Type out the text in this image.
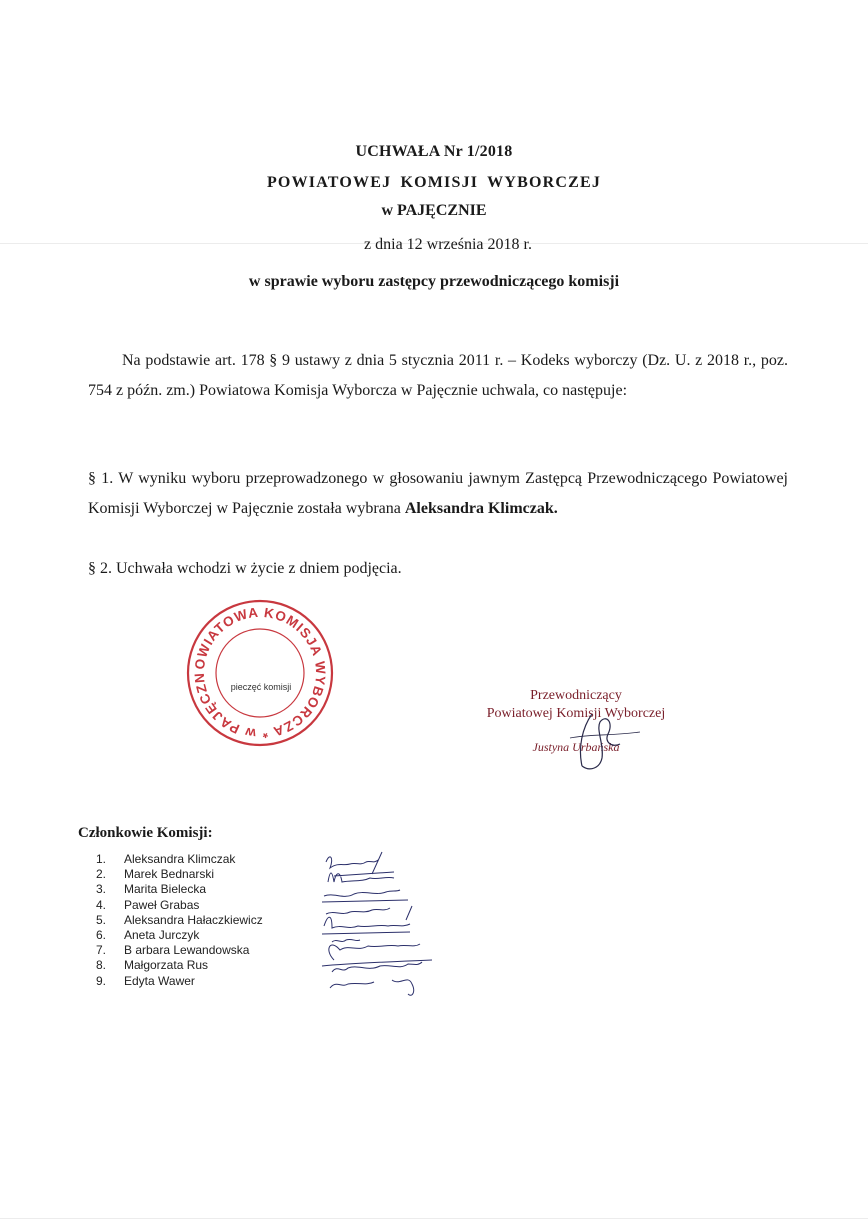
UCHWAŁA Nr 1/2018
POWIATOWEJ KOMISJI WYBORCZEJ
w PAJĘCZNIE
z dnia 12 września 2018 r.
w sprawie wyboru zastępcy przewodniczącego komisji
Na podstawie art. 178 § 9 ustawy z dnia 5 stycznia 2011 r. – Kodeks wyborczy (Dz. U. z 2018 r., poz. 754 z późn. zm.) Powiatowa Komisja Wyborcza w Pajęcznie uchwala, co następuje:
§ 1. W wyniku wyboru przeprowadzonego w głosowaniu jawnym Zastępcą Przewodniczącego Powiatowej Komisji Wyborczej w Pajęcznie została wybrana Aleksandra Klimczak.
§ 2. Uchwała wchodzi w życie z dniem podjęcia.
OWIATOWA KOMISJA WYBORCZA * w PAJĘCZN
pieczęć komisji
Przewodniczący
Powiatowej Komisji Wyborczej
Justyna Urbańska
Członkowie Komisji:
1. Aleksandra Klimczak
2. Marek Bednarski
3. Marita Bielecka
4. Paweł Grabas
5. Aleksandra Hałaczkiewicz
6. Aneta Jurczyk
7. B arbara Lewandowska
8. Małgorzata Rus
9. Edyta Wawer
